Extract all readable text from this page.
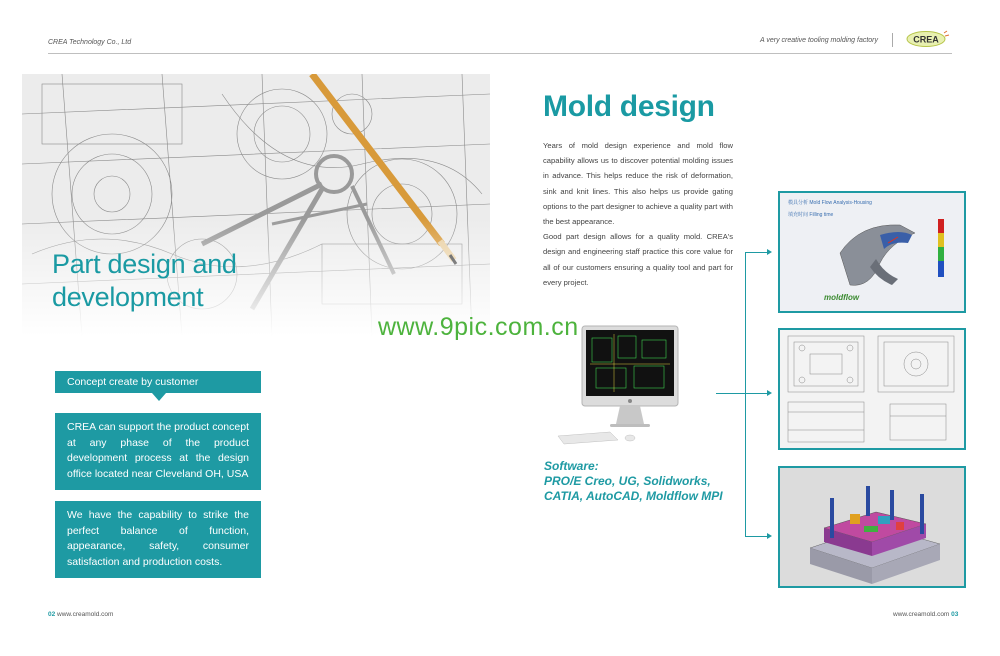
CREA Technology Co., Ltd	A very creative tooling molding factory	CREA
Part design and
development
www.9pic.com.cn
Concept create by customer
CREA can support the product concept at any phase of the product development process at the design office located near Cleveland OH, USA
We have the capability to strike the perfect balance of function, appearance, safety, consumer satisfaction and production costs.
Mold design

Years of mold design experience and mold flow capability allows us to discover potential molding issues in advance. This helps reduce the risk of deformation, sink and knit lines. This also helps us provide gating options to the part designer to achieve a quality part with the best appearance.

Good part design allows for a quality mold. CREA's design and engineering staff practice this core value for all of our customers ensuring a quality tool and part for every project.

Software:
PRO/E Creo, UG, Solidworks,
CATIA, AutoCAD, Moldflow MPI
模具分析 Mold Flow Analysis-Housing
填充时间 Filling time
moldflow
02 www.creamold.com	www.creamold.com 03
